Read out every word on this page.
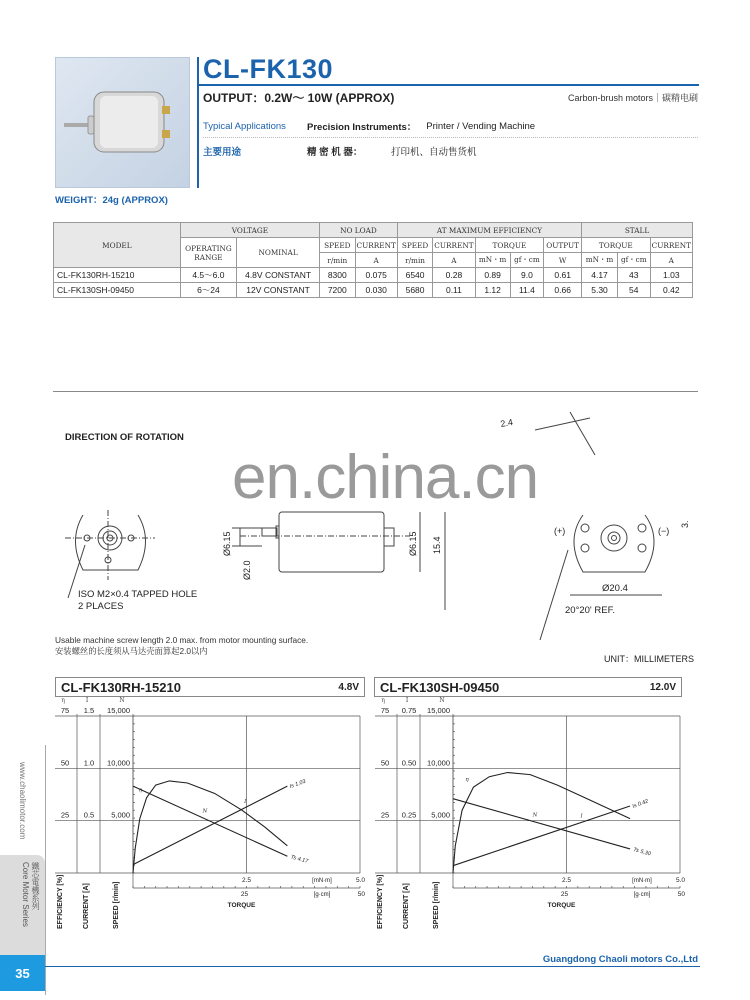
CL-FK130
OUTPUT：0.2W～ 10W (APPROX)	Carbon-brush motors｜碳精电刷
Typical Applications	Precision Instruments： Printer / Vending Machine
主要用途	精 密 机 器：	打印机、自动售货机
WEIGHT：24g (APPROX)
MODEL	VOLTAGE		NO LOAD		AT MAXIMUM EFFICIENCY					STALL		
	OPERATING RANGE	NOMINAL	SPEED	CURRENT	SPEED	CURRENT	TORQUE		OUTPUT	TORQUE		CURRENT
			r/min	A	r/min	A	mN・m	gf・cm	W	mN・m	gf・cm	A
CL-FK130RH-15210	4.5～6.0	4.8V CONSTANT	8300	0.075	6540	0.28	0.89	9.0	0.61	4.17	43	1.03
CL-FK130SH-09450	6～24	12V CONSTANT	7200	0.030	5680	0.11	1.12	11.4	0.66	5.30	54	0.42
DIRECTION OF ROTATION
ISO M2×0.4 TAPPED HOLE
2 PLACES
Ø6.15
Ø2.0
Ø6.15 15.4
2.4
(+)	(−)
3.
Ø20.4
20°20' REF.
en.china.cn
Usable machine screw length 2.0 max. from motor mounting surface.
安装螺丝的长度须从马达壳面算起2.0以内
UNIT：MILLIMETERS
CL-FK130RH-15210	4.8V CL-FK130SH-09450	12.0V
η	I	N
75 1.5 15,000
50 1.0 10,000
25 0.5 5,000
2.5	5.0
[mN·m]
25	50
[g·cm]
TORQUE
EFFICIENCY [%]	CURRENT [A]	SPEED [r/min]
η
N
Ts 4.17
I
Is 1.03
η	I	N
75 0.75 15,000
50 0.50 10,000
25 0.25 5,000
2.5	5.0
[mN·m]
25	50
[g·cm]
TORQUE
EFFICIENCY [%]	CURRENT [A]	SPEED [r/min]
η
N
Ts 5.30
I
Is 0.42
www.chaolimotor.com
鐵芯電機系列
Core Motor Series
35
Guangdong Chaoli motors Co.,Ltd
